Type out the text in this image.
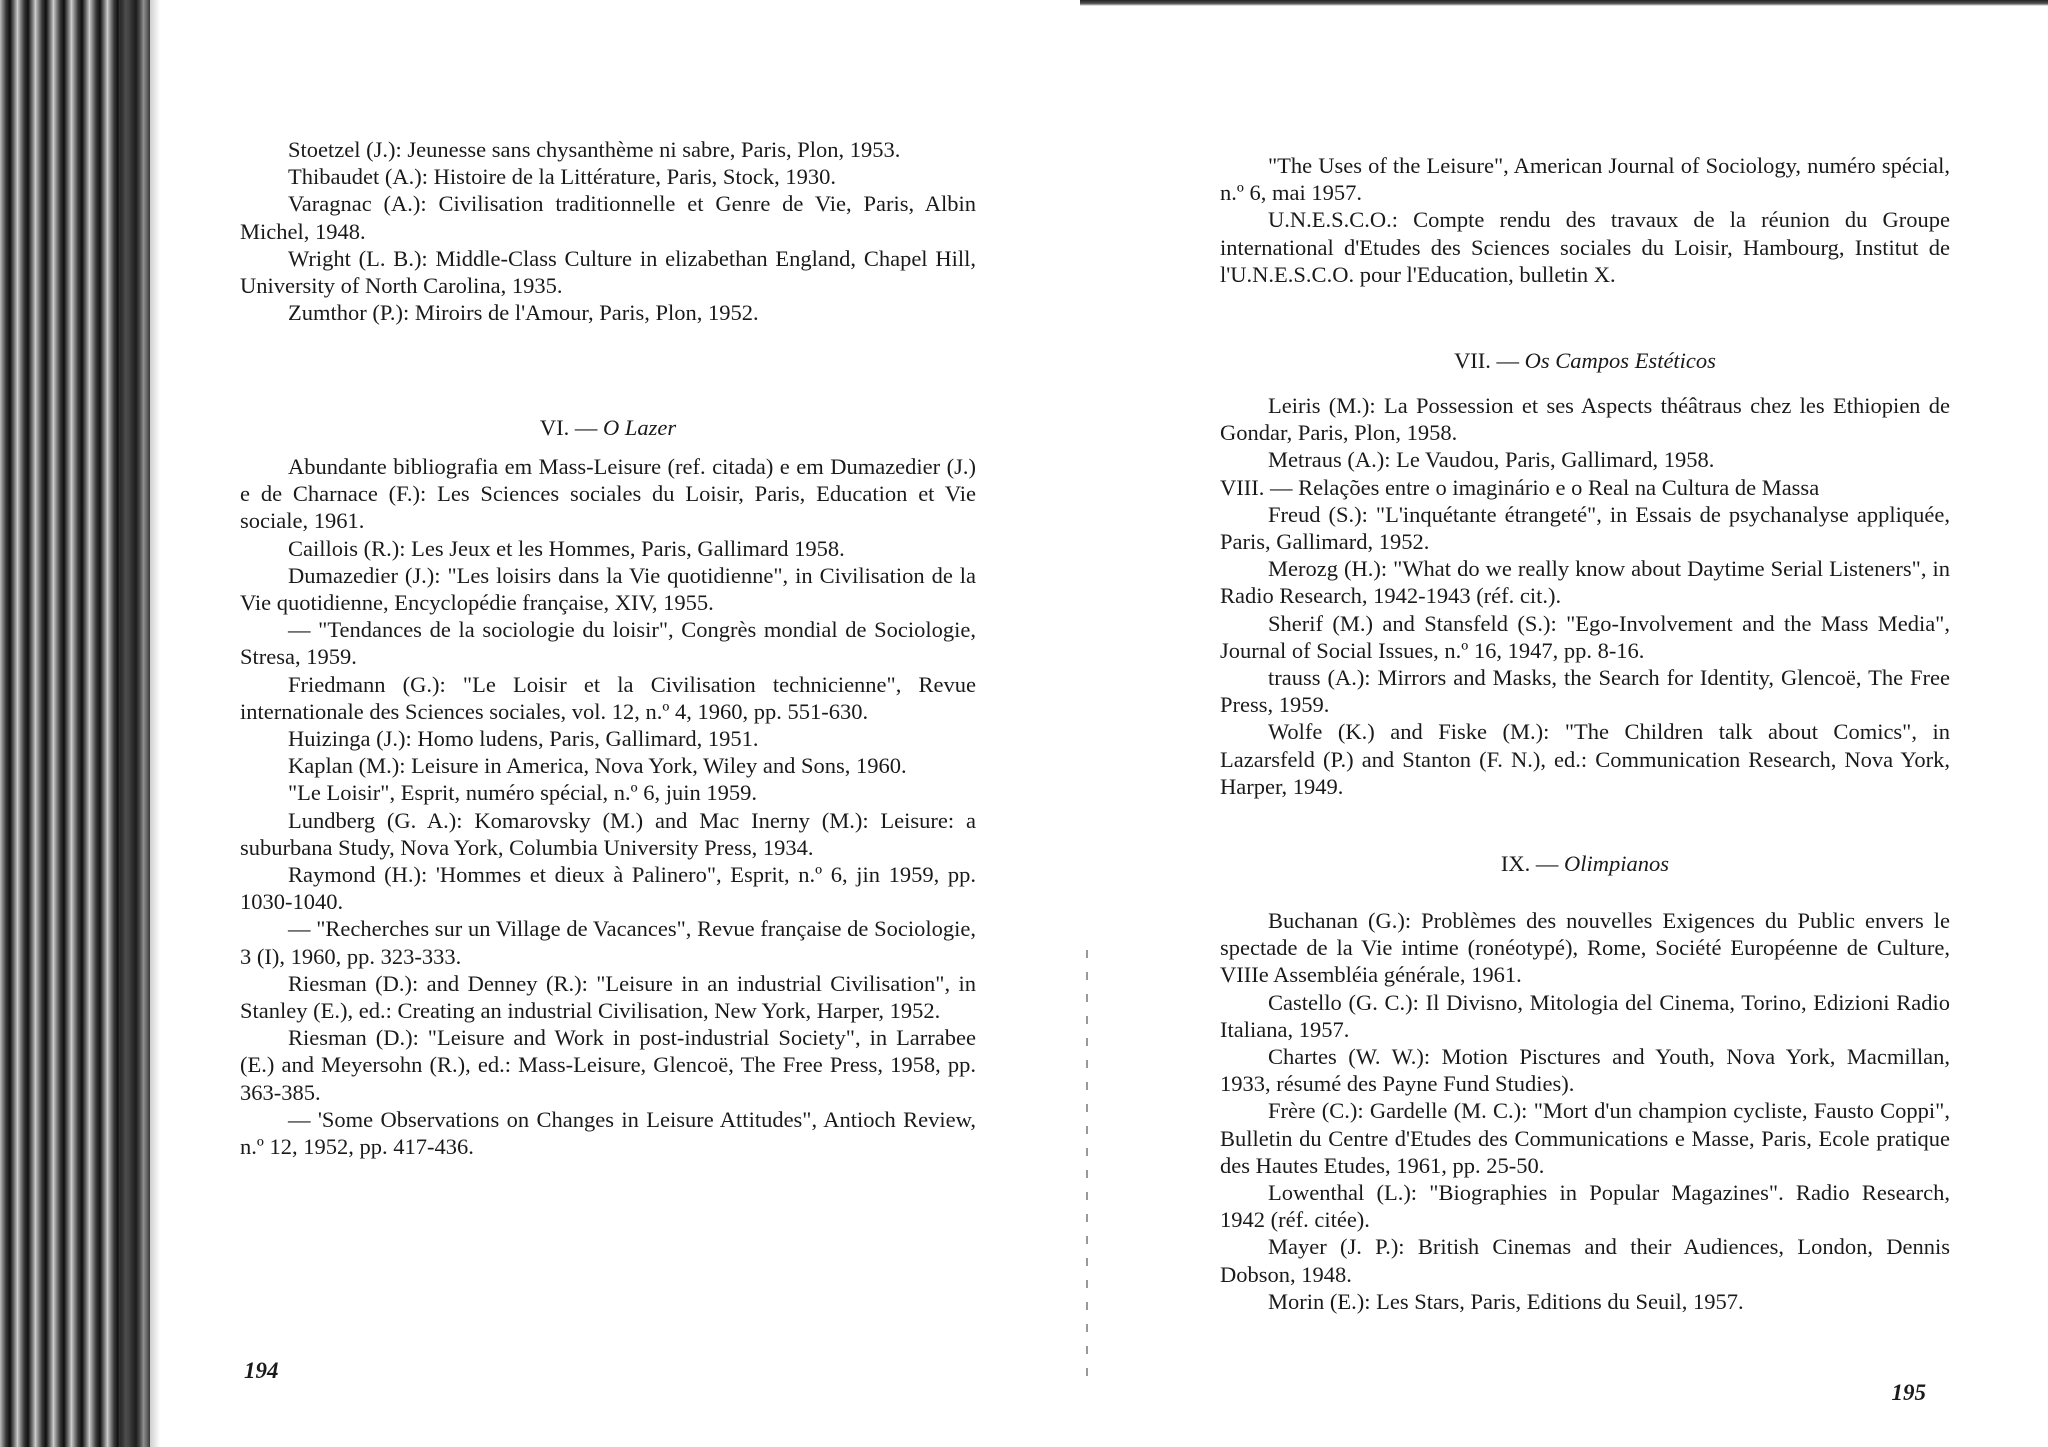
Stoetzel (J.): Jeunesse sans chysanthème ni sabre, Paris, Plon, 1953.

Thibaudet (A.): Histoire de la Littérature, Paris, Stock, 1930.

Varagnac (A.): Civilisation traditionnelle et Genre de Vie, Paris, Albin Michel, 1948.

Wright (L. B.): Middle-Class Culture in elizabethan England, Chapel Hill, University of North Carolina, 1935.

Zumthor (P.): Miroirs de l'Amour, Paris, Plon, 1952.

VI. — O Lazer

Abundante bibliografia em Mass-Leisure (ref. citada) e em Dumazedier (J.) e de Charnace (F.): Les Sciences sociales du Loisir, Paris, Education et Vie sociale, 1961.

Caillois (R.): Les Jeux et les Hommes, Paris, Gallimard 1958.

Dumazedier (J.): "Les loisirs dans la Vie quotidienne", in Civilisation de la Vie quotidienne, Encyclopédie française, XIV, 1955.

— "Tendances de la sociologie du loisir", Congrès mondial de Sociologie, Stresa, 1959.

Friedmann (G.): "Le Loisir et la Civilisation technicienne", Revue internationale des Sciences sociales, vol. 12, n.º 4, 1960, pp. 551-630.

Huizinga (J.): Homo ludens, Paris, Gallimard, 1951.

Kaplan (M.): Leisure in America, Nova York, Wiley and Sons, 1960.

"Le Loisir", Esprit, numéro spécial, n.º 6, juin 1959.

Lundberg (G. A.): Komarovsky (M.) and Mac Inerny (M.): Leisure: a suburbana Study, Nova York, Columbia University Press, 1934.

Raymond (H.): 'Hommes et dieux à Palinero", Esprit, n.º 6, jin 1959, pp. 1030-1040.

— "Recherches sur un Village de Vacances", Revue française de Sociologie, 3 (I), 1960, pp. 323-333.

Riesman (D.): and Denney (R.): "Leisure in an industrial Civilisation", in Stanley (E.), ed.: Creating an industrial Civilisation, New York, Harper, 1952.

Riesman (D.): "Leisure and Work in post-industrial Society", in Larrabee (E.) and Meyersohn (R.), ed.: Mass-Leisure, Glencoë, The Free Press, 1958, pp. 363-385.

— 'Some Observations on Changes in Leisure Attitudes", Antioch Review, n.º 12, 1952, pp. 417-436.

194

"The Uses of the Leisure", American Journal of Sociology, numéro spécial, n.º 6, mai 1957.

U.N.E.S.C.O.: Compte rendu des travaux de la réunion du Groupe international d'Etudes des Sciences sociales du Loisir, Hambourg, Institut de l'U.N.E.S.C.O. pour l'Education, bulletin X.

VII. — Os Campos Estéticos

Leiris (M.): La Possession et ses Aspects théâtraus chez les Ethiopien de Gondar, Paris, Plon, 1958.

Metraus (A.): Le Vaudou, Paris, Gallimard, 1958.

VIII. — Relações entre o imaginário e o Real na Cultura de Massa

Freud (S.): "L'inquétante étrangeté", in Essais de psychanalyse appliquée, Paris, Gallimard, 1952.

Merozg (H.): "What do we really know about Daytime Serial Listeners", in Radio Research, 1942-1943 (réf. cit.).

Sherif (M.) and Stansfeld (S.): "Ego-Involvement and the Mass Media", Journal of Social Issues, n.º 16, 1947, pp. 8-16.

trauss (A.): Mirrors and Masks, the Search for Identity, Glencoë, The Free Press, 1959.

Wolfe (K.) and Fiske (M.): "The Children talk about Comics", in Lazarsfeld (P.) and Stanton (F. N.), ed.: Communication Research, Nova York, Harper, 1949.

IX. — Olimpianos

Buchanan (G.): Problèmes des nouvelles Exigences du Public envers le spectade de la Vie intime (ronéotypé), Rome, Société Européenne de Culture, VIIIe Assembléia générale, 1961.

Castello (G. C.): Il Divisno, Mitologia del Cinema, Torino, Edizioni Radio Italiana, 1957.

Chartes (W. W.): Motion Pisctures and Youth, Nova York, Macmillan, 1933, résumé des Payne Fund Studies).

Frère (C.): Gardelle (M. C.): "Mort d'un champion cycliste, Fausto Coppi", Bulletin du Centre d'Etudes des Communications e Masse, Paris, Ecole pratique des Hautes Etudes, 1961, pp. 25-50.

Lowenthal (L.): "Biographies in Popular Magazines". Radio Research, 1942 (réf. citée).

Mayer (J. P.): British Cinemas and their Audiences, London, Dennis Dobson, 1948.

Morin (E.): Les Stars, Paris, Editions du Seuil, 1957.

195
